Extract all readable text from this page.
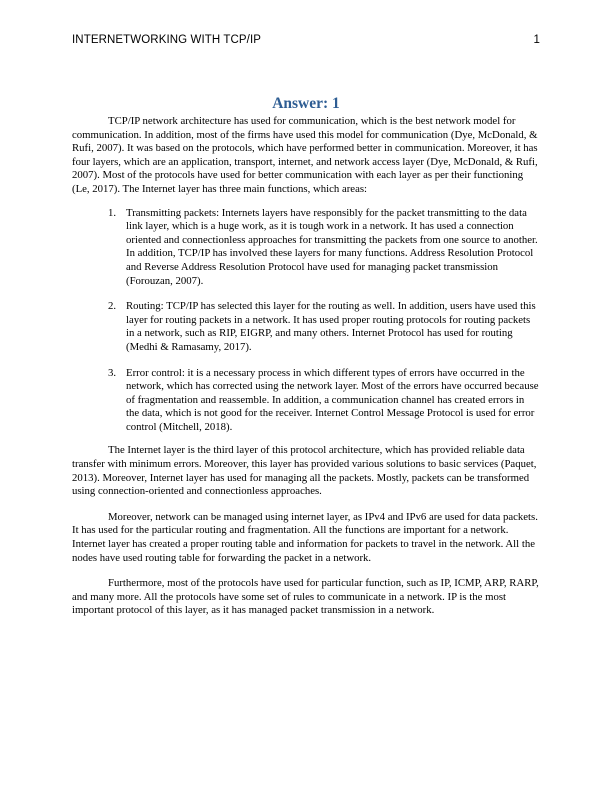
INTERNETWORKING WITH TCP/IP	1
Answer: 1

TCP/IP network architecture has used for communication, which is the best network model for communication. In addition, most of the firms have used this model for communication (Dye, McDonald, & Rufi, 2007). It was based on the protocols, which have performed better in communication. Moreover, it has four layers, which are an application, transport, internet, and network access layer (Dye, McDonald, & Rufi, 2007). Most of the protocols have used for better communication with each layer as per their functioning (Le, 2017). The Internet layer has three main functions, which areas:

1. Transmitting packets: Internets layers have responsibly for the packet transmitting to the data link layer, which is a huge work, as it is tough work in a network. It has used a connection oriented and connectionless approaches for transmitting the packets from one source to another. In addition, TCP/IP has involved these layers for many functions. Address Resolution Protocol and Reverse Address Resolution Protocol have used for managing packet transmission (Forouzan, 2007).
2. Routing: TCP/IP has selected this layer for the routing as well. In addition, users have used this layer for routing packets in a network. It has used proper routing protocols for routing packets in a network, such as RIP, EIGRP, and many others. Internet Protocol has used for routing (Medhi & Ramasamy, 2017).
3. Error control: it is a necessary process in which different types of errors have occurred in the network, which has corrected using the network layer. Most of the errors have occurred because of fragmentation and reassemble. In addition, a communication channel has created errors in the data, which is not good for the receiver. Internet Control Message Protocol is used for error control (Mitchell, 2018).

The Internet layer is the third layer of this protocol architecture, which has provided reliable data transfer with minimum errors. Moreover, this layer has provided various solutions to basic services (Paquet, 2013). Moreover, Internet layer has used for managing all the packets. Mostly, packets can be transformed using connection-oriented and connectionless approaches.

Moreover, network can be managed using internet layer, as IPv4 and IPv6 are used for data packets. It has used for the particular routing and fragmentation. All the functions are important for a network. Internet layer has created a proper routing table and information for packets to travel in the network. All the nodes have used routing table for forwarding the packet in a network.

Furthermore, most of the protocols have used for particular function, such as IP, ICMP, ARP, RARP, and many more. All the protocols have some set of rules to communicate in a network. IP is the most important protocol of this layer, as it has managed packet transmission in a network.
